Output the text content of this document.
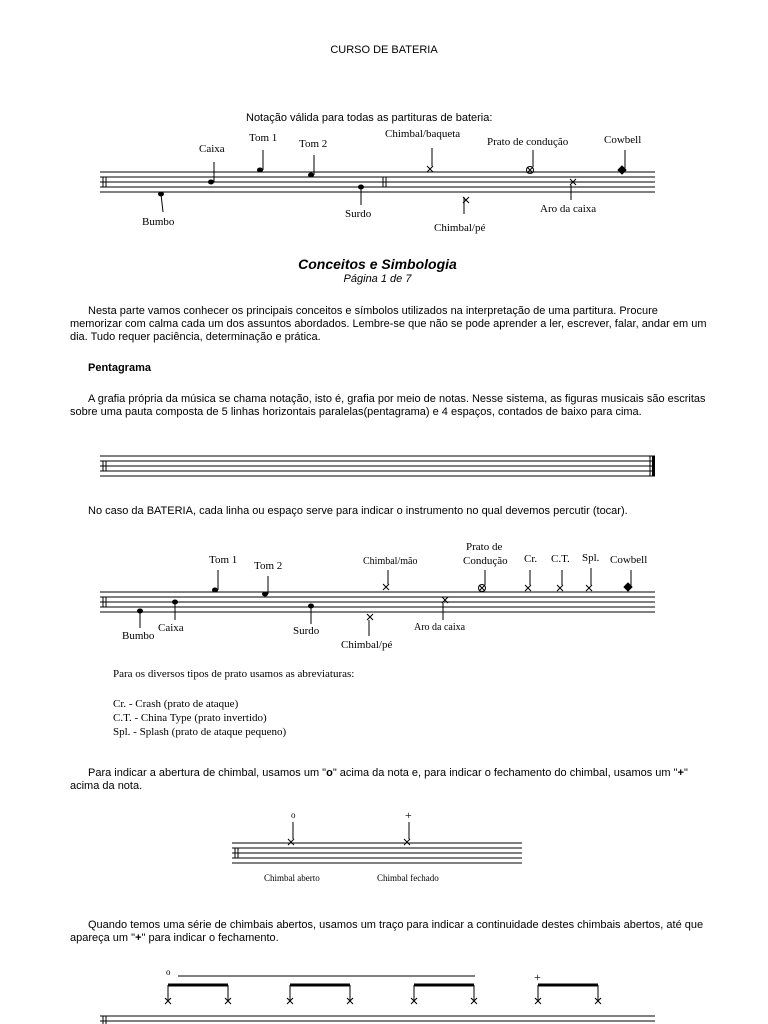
CURSO DE BATERIA
Notação válida para todas as partituras de bateria:
Caixa
Tom 1 Tom 2
Chimbal/baqueta
Prato de condução	Cowbell
Bumbo
Surdo
Chimbal/pé
Aro da caixa
Conceitos e Simbologia
Página 1 de 7
Nesta parte vamos conhecer os principais conceitos e símbolos utilizados na interpretação de uma partitura. Procure memorizar com calma cada um dos assuntos abordados. Lembre-se que não se pode aprender a ler, escrever, falar, andar em um dia. Tudo requer paciência, determinação e prática.
Pentagrama
A grafia própria da música se chama notação, isto é, grafia por meio de notas. Nesse sistema, as figuras musicais são escritas sobre uma pauta composta de 5 linhas horizontais paralelas(pentagrama) e 4 espaços, contados de baixo para cima.
No caso da BATERIA, cada linha ou espaço serve para indicar o instrumento no qual devemos percutir (tocar).
Tom 1 Tom 2	Chimbal/mão
Prato de
Condução Cr. C.T. Spl. Cowbell
Bumbo
Caixa	Surdo
Chimbal/pé
Aro da caixa
Para os diversos tipos de prato usamos as abreviaturas:
Cr. - Crash (prato de ataque)
C.T. - China Type (prato invertido)
Spl. - Splash (prato de ataque pequeno)
Para indicar a abertura de chimbal, usamos um "o" acima da nota e, para indicar o fechamento do chimbal, usamos um "+" acima da nota.
o	+
Chimbal aberto	Chimbal fechado
Quando temos uma série de chimbais abertos, usamos um traço para indicar a continuidade destes chimbais abertos, até que apareça um "+" para indicar o fechamento.
o	+
